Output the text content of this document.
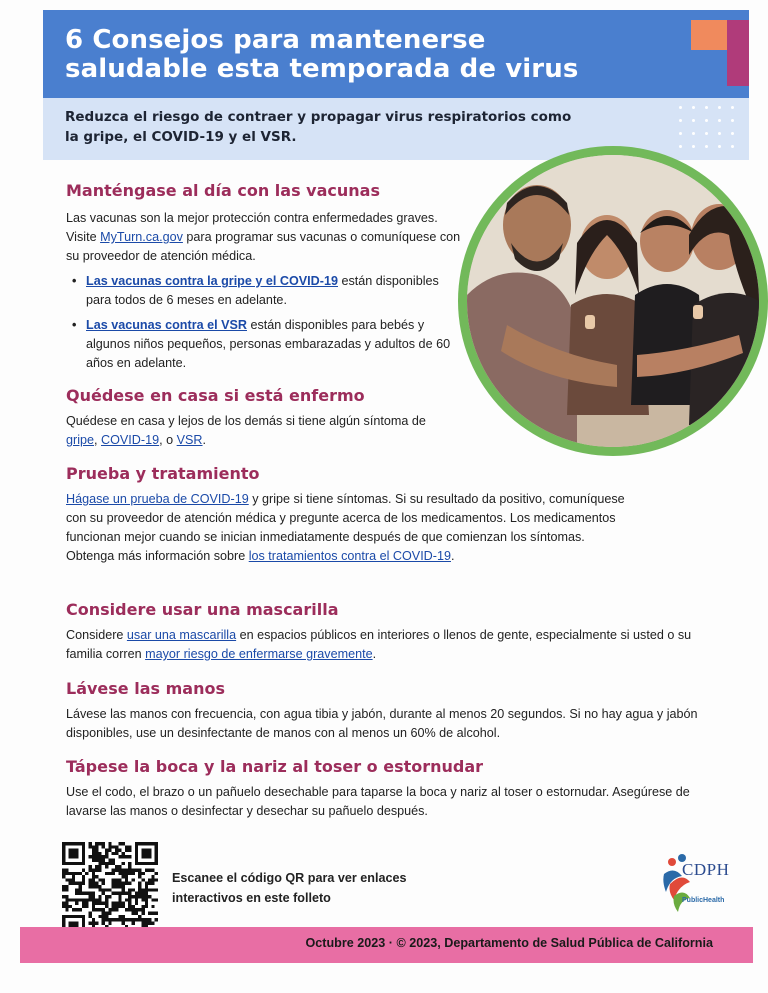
6 Consejos para mantenerse saludable esta temporada de virus
Reduzca el riesgo de contraer y propagar virus respiratorios como la gripe, el COVID-19 y el VSR.
Manténgase al día con las vacunas

Las vacunas son la mejor protección contra enfermedades graves. Visite MyTurn.ca.gov para programar sus vacunas o comuníquese con su proveedor de atención médica.

• Las vacunas contra la gripe y el COVID-19 están disponibles para todos de 6 meses en adelante.
• Las vacunas contra el VSR están disponibles para bebés y algunos niños pequeños, personas embarazadas y adultos de 60 años en adelante.
Quédese en casa si está enfermo

Quédese en casa y lejos de los demás si tiene algún síntoma de gripe, COVID-19, o VSR.

Prueba y tratamiento

Hágase un prueba de COVID-19 y gripe si tiene síntomas. Si su resultado da positivo, comuníquese con su proveedor de atención médica y pregunte acerca de los medicamentos. Los medicamentos funcionan mejor cuando se inician inmediatamente después de que comienzan los síntomas. Obtenga más información sobre los tratamientos contra el COVID-19.

Considere usar una mascarilla

Considere usar una mascarilla en espacios públicos en interiores o llenos de gente, especialmente si usted o su familia corren mayor riesgo de enfermarse gravemente.

Lávese las manos

Lávese las manos con frecuencia, con agua tibia y jabón, durante al menos 20 segundos. Si no hay agua y jabón disponibles, use un desinfectante de manos con al menos un 60% de alcohol.

Tápese la boca y la nariz al toser o estornudar

Use el codo, el brazo o un pañuelo desechable para taparse la boca y nariz al toser o estornudar. Asegúrese de lavarse las manos o desinfectar y desechar su pañuelo después.

Escanee el código QR para ver enlaces interactivos en este folleto
CDPH
PublicHealth
Octubre 2023 · © 2023, Departamento de Salud Pública de California
